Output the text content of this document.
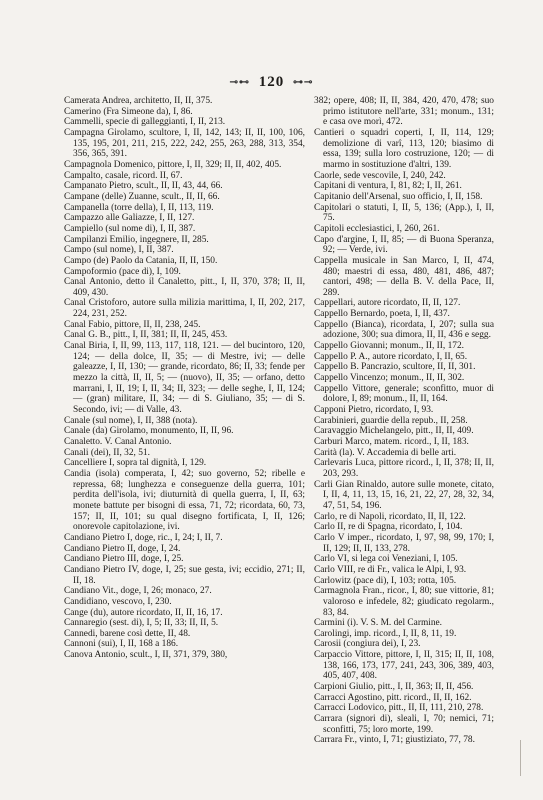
⊸⊷ 120 ⊶⊸

Camerata Andrea, architetto, II, II, 375.

Camerino (Fra Simeone da), I, 86.

Cammelli, specie di galleggianti, I, II, 213.

Campagna Girolamo, scultore, I, II, 142, 143; II, II, 100, 106, 135, 195, 201, 211, 215, 222, 242, 255, 263, 288, 313, 354, 356, 365, 391.

Campagnola Domenico, pittore, I, II, 329; II, II, 402, 405.

Campalto, casale, ricord. II, 67.

Campanato Pietro, scult., II, II, 43, 44, 66.

Campane (delle) Zuanne, scult., II, II, 66.

Campanella (torre della), I, II, 113, 119.

Campazzo alle Galiazze, I, II, 127.

Campiello (sul nome di), I, II, 387.

Campilanzi Emilio, ingegnere, II, 285.

Campo (sul nome), I, II, 387.

Campo (de) Paolo da Catania, II, II, 150.

Campoformio (pace di), I, 109.

Canal Antonio, detto il Canaletto, pitt., I, II, 370, 378; II, II, 409, 430.

Canal Cristoforo, autore sulla milizia marittima, I, II, 202, 217, 224, 231, 252.

Canal Fabio, pittore, II, II, 238, 245.

Canal G. B., pitt., I, II, 381; II, II, 245, 453.

Canal Biria, I, II, 99, 113, 117, 118, 121. — del bucintoro, 120, 124; — della dolce, II, 35; — di Mestre, ivi; — delle galeazze, I, II, 130; — grande, ricordato, 86; II, 33; fende per mezzo la città, II, II, 5; — (nuovo), II, 35; — orfano, detto marrani, I, II, 19; I, II, 34; II, 323; — delle seghe, I, II, 124; — (gran) militare, II, 34; — di S. Giuliano, 35; — di S. Secondo, ivi; — di Valle, 43.

Canale (sul nome), I, II, 388 (nota).

Canale (da) Girolamo, monumento, II, II, 96.

Canaletto. V. Canal Antonio.

Canali (dei), II, 32, 51.

Cancelliere I, sopra tal dignità, I, 129.

Candia (isola) comperata, I, 42; suo governo, 52; ribelle e repressa, 68; lunghezza e conseguenze della guerra, 101; perdita dell'isola, ivi; diuturnità di quella guerra, I, II, 63; monete battute per bisogni di essa, 71, 72; ricordata, 60, 73, 157; II, II, 101; su qual disegno fortificata, I, II, 126; onorevole capitolazione, ivi.

Candiano Pietro I, doge, ric., I, 24; I, II, 7.

Candiano Pietro II, doge, I, 24.

Candiano Pietro III, doge, I, 25.

Candiano Pietro IV, doge, I, 25; sue gesta, ivi; eccidio, 271; II, II, 18.

Candiano Vit., doge, I, 26; monaco, 27.

Candidiano, vescovo, I, 230.

Cange (du), autore ricordato, II, II, 16, 17.

Cannaregio (sest. di), I, 5; II, 33; II, II, 5.

Cannedi, barene così dette, II, 48.

Cannoni (sui), I, II, 168 a 186.

Canova Antonio, scult., I, II, 371, 379, 380,

382; opere, 408; II, II, 384, 420, 470, 478; suo primo istitutore nell'arte, 331; monum., 131; e casa ove morì, 472.

Cantieri o squadri coperti, I, II, 114, 129; demolizione di varî, 113, 120; biasimo di essa, 139; sulla loro costruzione, 120; — di marmo in sostituzione d'altri, 139.

Caorle, sede vescovile, I, 240, 242.

Capitani di ventura, I, 81, 82; I, II, 261.

Capitanio dell'Arsenal, suo officio, I, II, 158.

Capitolari o statuti, I, II, 5, 136; (App.), I, II, 75.

Capitoli ecclesiastici, I, 260, 261.

Capo d'argine, I, II, 85; — di Buona Speranza, 92; — Verde, ivi.

Cappella musicale in San Marco, I, II, 474, 480; maestri di essa, 480, 481, 486, 487; cantori, 498; — della B. V. della Pace, II, 289.

Cappellari, autore ricordato, II, II, 127.

Cappello Bernardo, poeta, I, II, 437.

Cappello (Bianca), ricordata, I, 207; sulla sua adozione, 300; sua dimora, II, II, 436 e segg.

Cappello Giovanni; monum., II, II, 172.

Cappello P. A., autore ricordato, I, II, 65.

Cappello B. Pancrazio, scultore, II, II, 301.

Cappello Vincenzo; monum., II, II, 302.

Cappello Vittore, generale; sconfitto, muor di dolore, I, 89; monum., II, II, 164.

Capponi Pietro, ricordato, I, 93.

Carabinieri, guardie della repub., II, 258.

Caravaggio Michelangelo, pitt., II, II, 409.

Carburi Marco, matem. ricord., I, II, 183.

Carità (la). V. Accademia di belle arti.

Carlevaris Luca, pittore ricord., I, II, 378; II, II, 203, 293.

Carli Gian Rinaldo, autore sulle monete, citato, I, II, 4, 11, 13, 15, 16, 21, 22, 27, 28, 32, 34, 47, 51, 54, 196.

Carlo, re di Napoli, ricordato, II, II, 122.

Carlo II, re di Spagna, ricordato, I, 104.

Carlo V imper., ricordato, I, 97, 98, 99, 170; I, II, 129; II, II, 133, 278.

Carlo VI, si lega coi Veneziani, I, 105.

Carlo VIII, re di Fr., valica le Alpi, I, 93.

Carlowitz (pace di), I, 103; rotta, 105.

Carmagnola Fran., ricor., I, 80; sue vittorie, 81; valoroso e infedele, 82; giudicato regolarm., 83, 84.

Carmini (i). V. S. M. del Carmine.

Carolingi, imp. ricord., I, II, 8, 11, 19.

Carosii (congiura dei), I, 23.

Carpaccio Vittore, pittore, I, II, 315; II, II, 108, 138, 166, 173, 177, 241, 243, 306, 389, 403, 405, 407, 408.

Carpioni Giulio, pitt., I, II, 363; II, II, 456.

Carracci Agostino, pitt. ricord., II, II, 162.

Carracci Lodovico, pitt., II, II, 111, 210, 278.

Carrara (signori di), sleali, I, 70; nemici, 71; sconfitti, 75; loro morte, 199.

Carrara Fr., vinto, I, 71; giustiziato, 77, 78.
